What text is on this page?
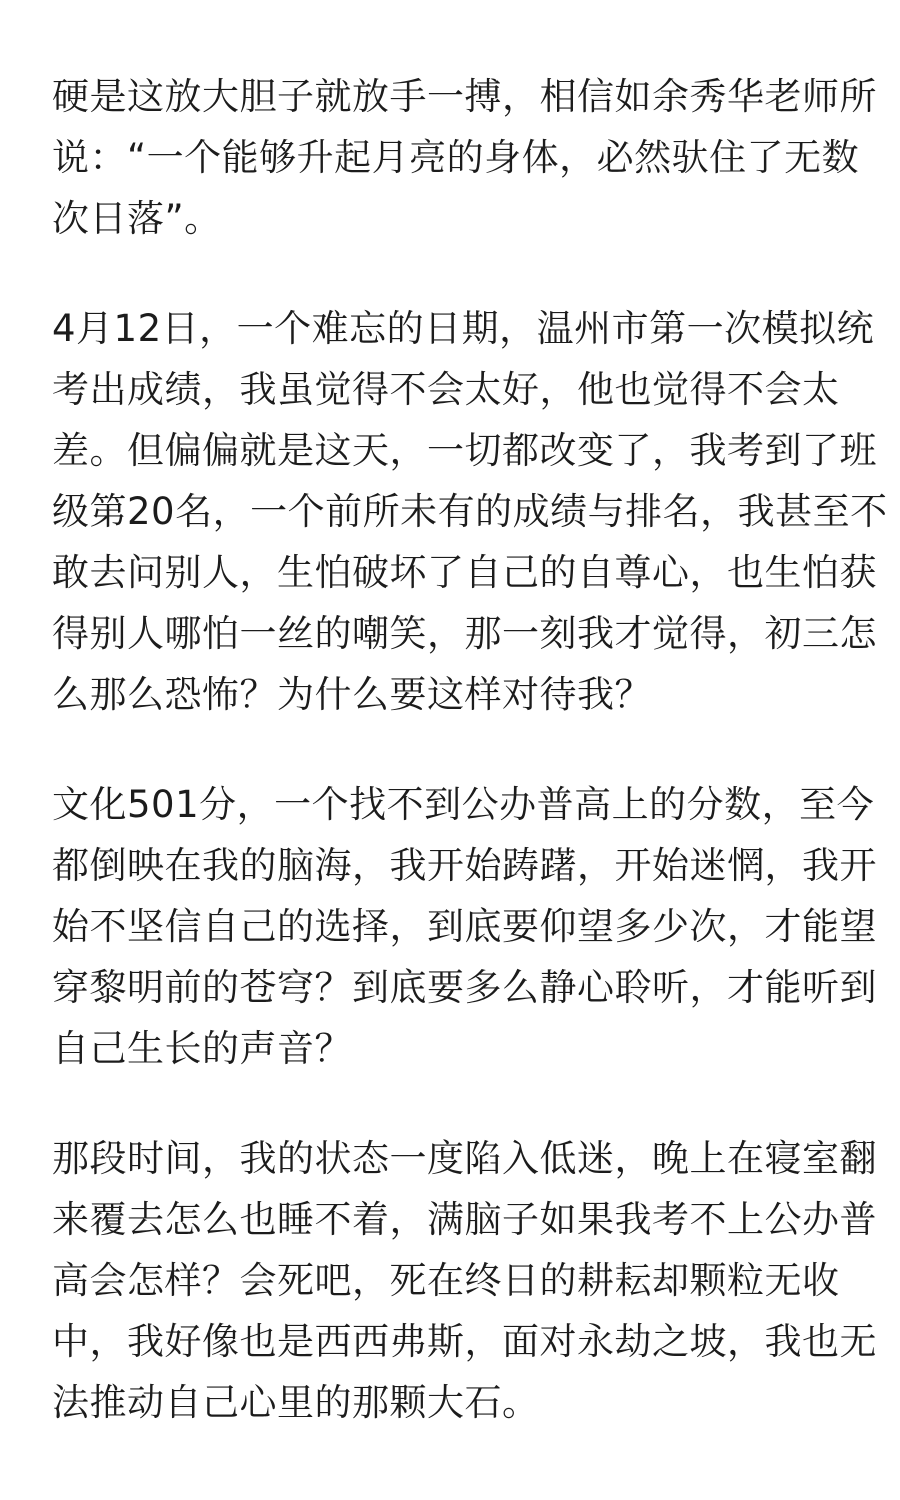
硬是这放大胆子就放手一搏，相信如余秀华老师所
说：“一个能够升起月亮的身体，必然驮住了无数
次日落”。

4月12日，一个难忘的日期，温州市第一次模拟统
考出成绩，我虽觉得不会太好，他也觉得不会太
差。但偏偏就是这天，一切都改变了，我考到了班
级第20名，一个前所未有的成绩与排名，我甚至不
敢去问别人，生怕破坏了自己的自尊心，也生怕获
得别人哪怕一丝的嘲笑，那一刻我才觉得，初三怎
么那么恐怖？为什么要这样对待我？

文化501分，一个找不到公办普高上的分数，至今
都倒映在我的脑海，我开始踌躇，开始迷惘，我开
始不坚信自己的选择，到底要仰望多少次，才能望
穿黎明前的苍穹？到底要多么静心聆听，才能听到
自己生长的声音？

那段时间，我的状态一度陷入低迷，晚上在寝室翻
来覆去怎么也睡不着，满脑子如果我考不上公办普
高会怎样？会死吧，死在终日的耕耘却颗粒无收
中，我好像也是西西弗斯，面对永劫之坡，我也无
法推动自己心里的那颗大石。
